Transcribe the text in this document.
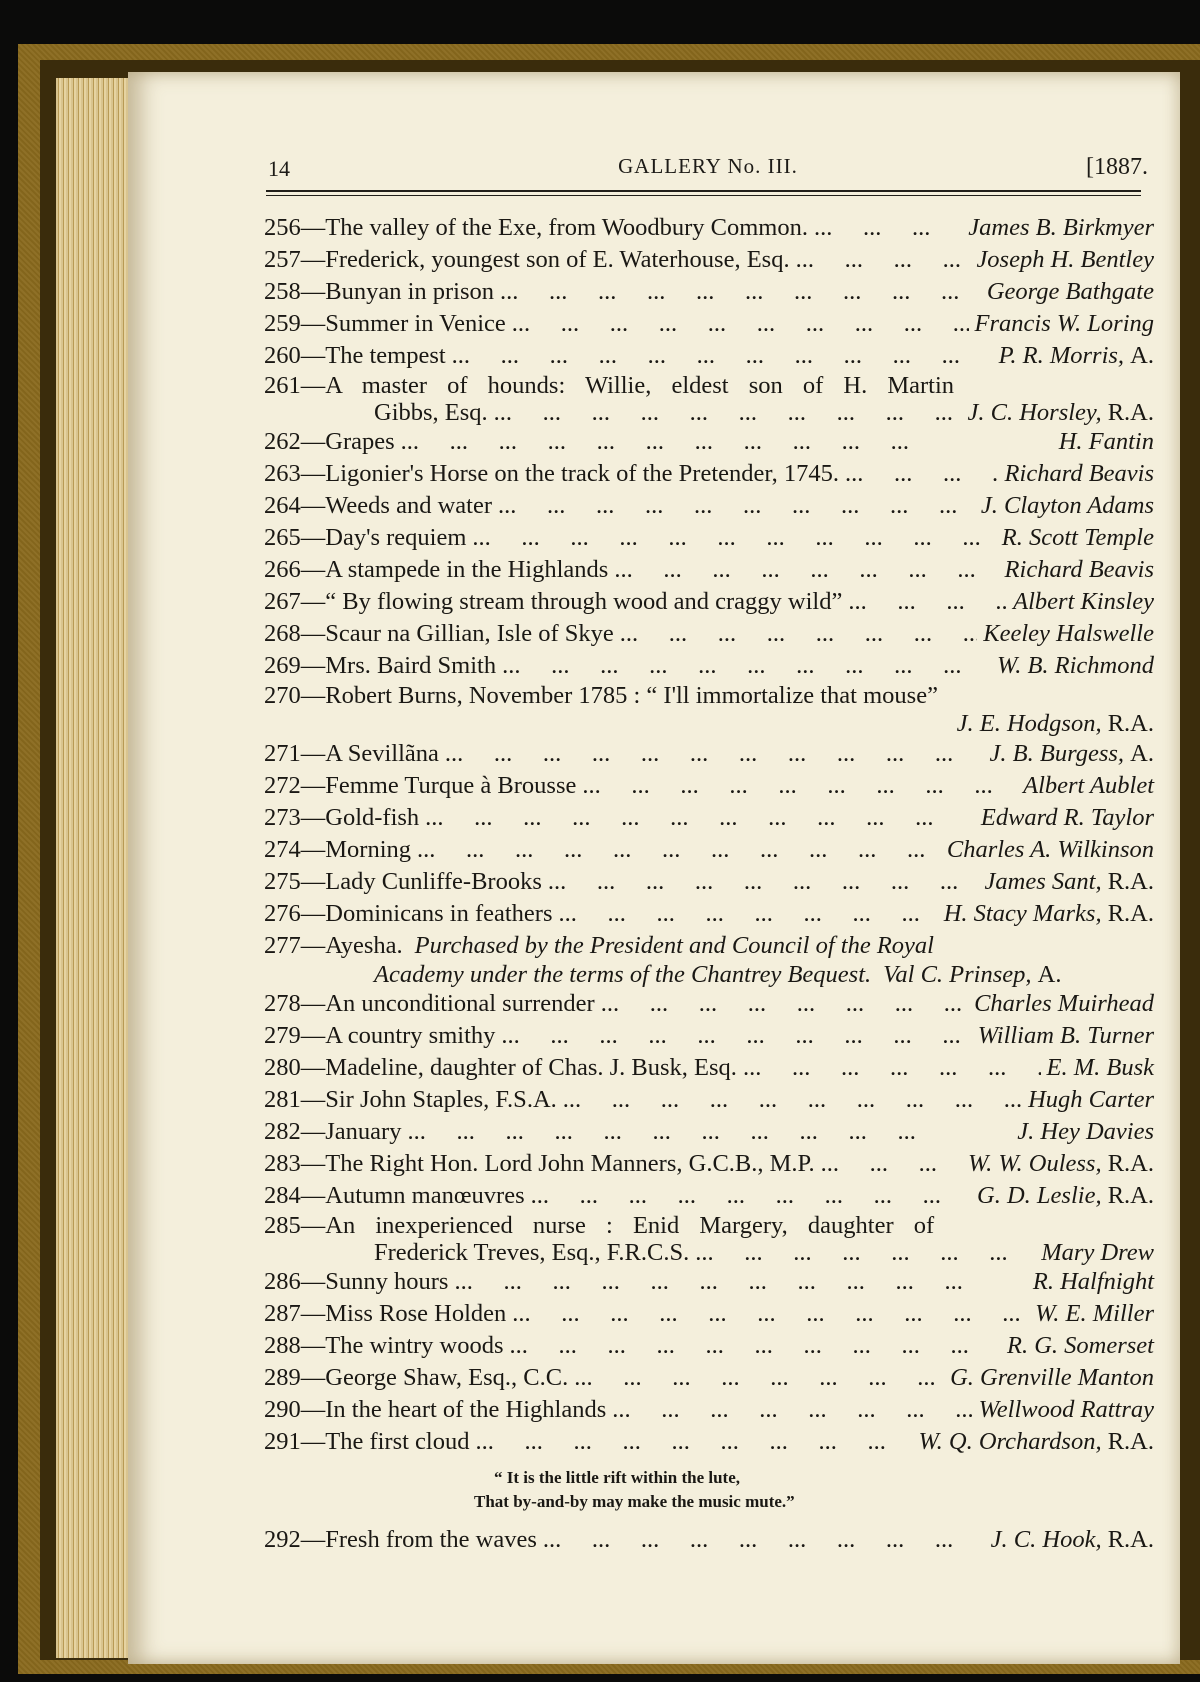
14	GALLERY No. III.	[1887.
256— The valley of the Exe, from Woodbury Common. ...	James B. Birkmyer
257— Frederick, youngest son of E. Waterhouse, Esq. ...	Joseph H. Bentley
258— Bunyan in prison ...	George Bathgate
259— Summer in Venice ...	Francis W. Loring
260— The tempest ...	P. R. Morris, A.
261— A master of hounds: Willie, eldest son of H. Martin
Gibbs, Esq. ...	J. C. Horsley, R.A.
262— Grapes ...	H. Fantin
263— Ligonier's Horse on the track of the Pretender, 1745. ...	Richard Beavis
264— Weeds and water ...	J. Clayton Adams
265— Day's requiem ...	R. Scott Temple
266— A stampede in the Highlands ...	Richard Beavis
267— “ By flowing stream through wood and craggy wild” ...	Albert Kinsley
268— Scaur na Gillian, Isle of Skye ...	Keeley Halswelle
269— Mrs. Baird Smith ...	W. B. Richmond
270— Robert Burns, November 1785 : “ I'll immortalize that mouse”
J. E. Hodgson, R.A.
271— A Sevillãna ...	J. B. Burgess, A.
272— Femme Turque à Brousse ...	Albert Aublet
273— Gold-fish ...	Edward R. Taylor
274— Morning ...	Charles A. Wilkinson
275— Lady Cunliffe-Brooks ...	James Sant, R.A.
276— Dominicans in feathers ...	H. Stacy Marks, R.A.
277— Ayesha. Purchased by the President and Council of the Royal
Academy under the terms of the Chantrey Bequest. Val C. Prinsep, A.
278— An unconditional surrender ...	Charles Muirhead
279— A country smithy ...	William B. Turner
280— Madeline, daughter of Chas. J. Busk, Esq. ...	E. M. Busk
281— Sir John Staples, F.S.A. ...	Hugh Carter
282— January ...	J. Hey Davies
283— The Right Hon. Lord John Manners, G.C.B., M.P. ...	W. W. Ouless, R.A.
284— Autumn manœuvres ...	G. D. Leslie, R.A.
285— An inexperienced nurse : Enid Margery, daughter of
Frederick Treves, Esq., F.R.C.S. ...	Mary Drew
286— Sunny hours ...	R. Halfnight
287— Miss Rose Holden ...	W. E. Miller
288— The wintry woods ...	R. G. Somerset
289— George Shaw, Esq., C.C. ...	G. Grenville Manton
290— In the heart of the Highlands ...	Wellwood Rattray
291— The first cloud ...	W. Q. Orchardson, R.A.
“ It is the little rift within the lute,
That by-and-by may make the music mute.”
292— Fresh from the waves ...	J. C. Hook, R.A.
